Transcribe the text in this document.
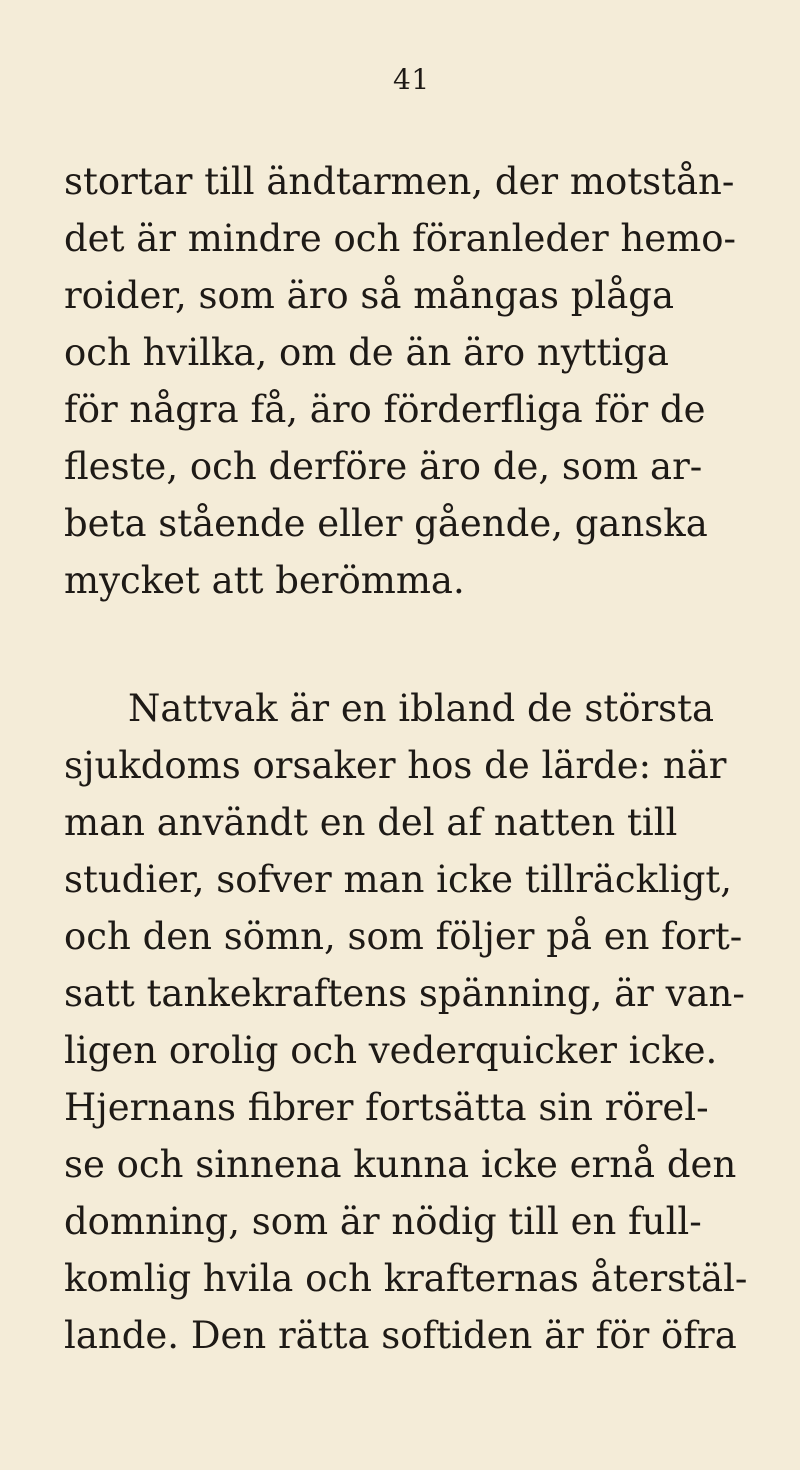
41
stortar till ändtarmen, der motstån-
det är mindre och föranleder hemo-
roider, som äro så mångas plåga
och hvilka, om de än äro nyttiga
för några få, äro förderfliga för de
fleste, och derföre äro de, som ar-
beta stående eller gående, ganska
mycket att berömma.
Nattvak är en ibland de största
sjukdoms orsaker hos de lärde: när
man användt en del af natten till
studier, sofver man icke tillräckligt,
och den sömn, som följer på en fort-
satt tankekraftens spänning, är van-
ligen orolig och vederquicker icke.
Hjernans fibrer fortsätta sin rörel-
se och sinnena kunna icke ernå den
domning, som är nödig till en full-
komlig hvila och krafternas återstäl-
lande. Den rätta softiden är för öfra
